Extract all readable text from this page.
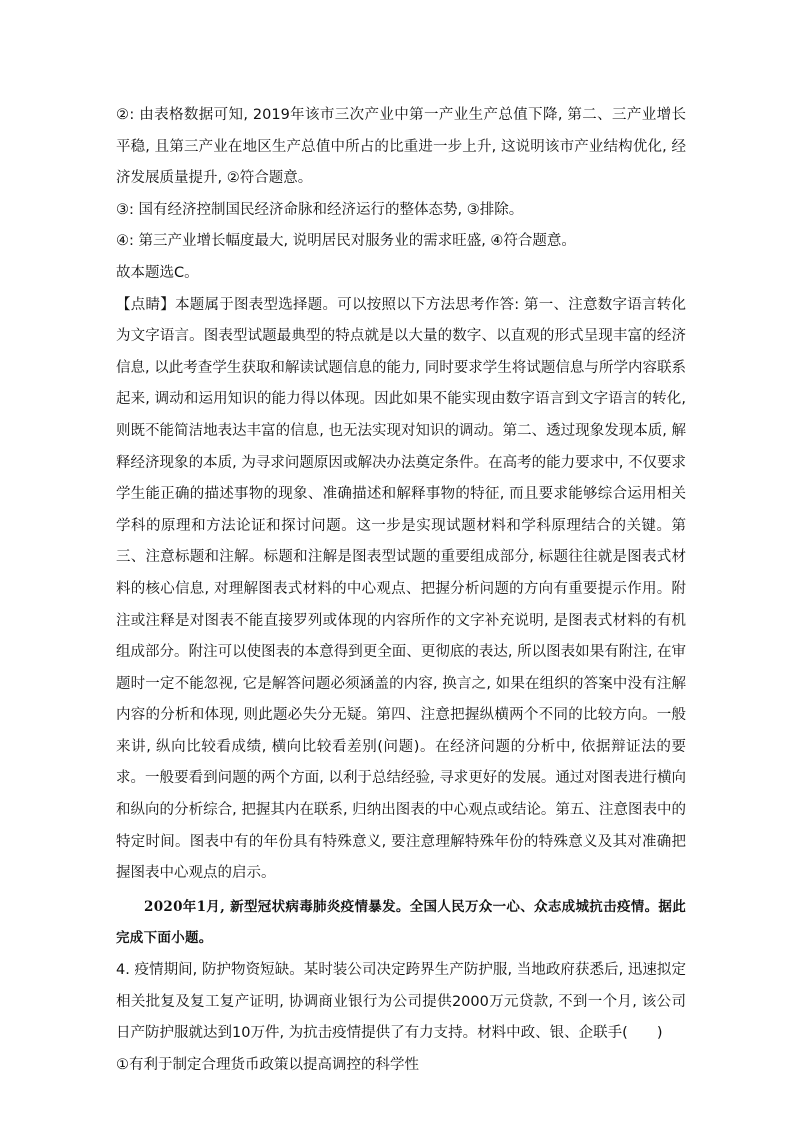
②: 由表格数据可知, 2019年该市三次产业中第一产业生产总值下降, 第二、三产业增长平稳, 且第三产业在地区生产总值中所占的比重进一步上升, 这说明该市产业结构优化, 经济发展质量提升, ②符合题意。

③: 国有经济控制国民经济命脉和经济运行的整体态势, ③排除。

④: 第三产业增长幅度最大, 说明居民对服务业的需求旺盛, ④符合题意。

故本题选C。

【点睛】本题属于图表型选择题。可以按照以下方法思考作答: 第一、注意数字语言转化为文字语言。图表型试题最典型的特点就是以大量的数字、以直观的形式呈现丰富的经济信息, 以此考查学生获取和解读试题信息的能力, 同时要求学生将试题信息与所学内容联系起来, 调动和运用知识的能力得以体现。因此如果不能实现由数字语言到文字语言的转化, 则既不能简洁地表达丰富的信息, 也无法实现对知识的调动。第二、透过现象发现本质, 解释经济现象的本质, 为寻求问题原因或解决办法奠定条件。在高考的能力要求中, 不仅要求学生能正确的描述事物的现象、准确描述和解释事物的特征, 而且要求能够综合运用相关学科的原理和方法论证和探讨问题。这一步是实现试题材料和学科原理结合的关键。第三、注意标题和注解。标题和注解是图表型试题的重要组成部分, 标题往往就是图表式材料的核心信息, 对理解图表式材料的中心观点、把握分析问题的方向有重要提示作用。附注或注释是对图表不能直接罗列或体现的内容所作的文字补充说明, 是图表式材料的有机组成部分。附注可以使图表的本意得到更全面、更彻底的表达, 所以图表如果有附注, 在审题时一定不能忽视, 它是解答问题必须涵盖的内容, 换言之, 如果在组织的答案中没有注解内容的分析和体现, 则此题必失分无疑。第四、注意把握纵横两个不同的比较方向。一般来讲, 纵向比较看成绩, 横向比较看差别(问题)。在经济问题的分析中, 依据辩证法的要求。一般要看到问题的两个方面, 以利于总结经验, 寻求更好的发展。通过对图表进行横向和纵向的分析综合, 把握其内在联系, 归纳出图表的中心观点或结论。第五、注意图表中的特定时间。图表中有的年份具有特殊意义, 要注意理解特殊年份的特殊意义及其对准确把握图表中心观点的启示。

2020年1月, 新型冠状病毒肺炎疫情暴发。全国人民万众一心、众志成城抗击疫情。据此完成下面小题。

4. 疫情期间, 防护物资短缺。某时装公司决定跨界生产防护服, 当地政府获悉后, 迅速拟定相关批复及复工复产证明, 协调商业银行为公司提供2000万元贷款, 不到一个月, 该公司日产防护服就达到10万件, 为抗击疫情提供了有力支持。材料中政、银、企联手(　　)

①有利于制定合理货币政策以提高调控的科学性
